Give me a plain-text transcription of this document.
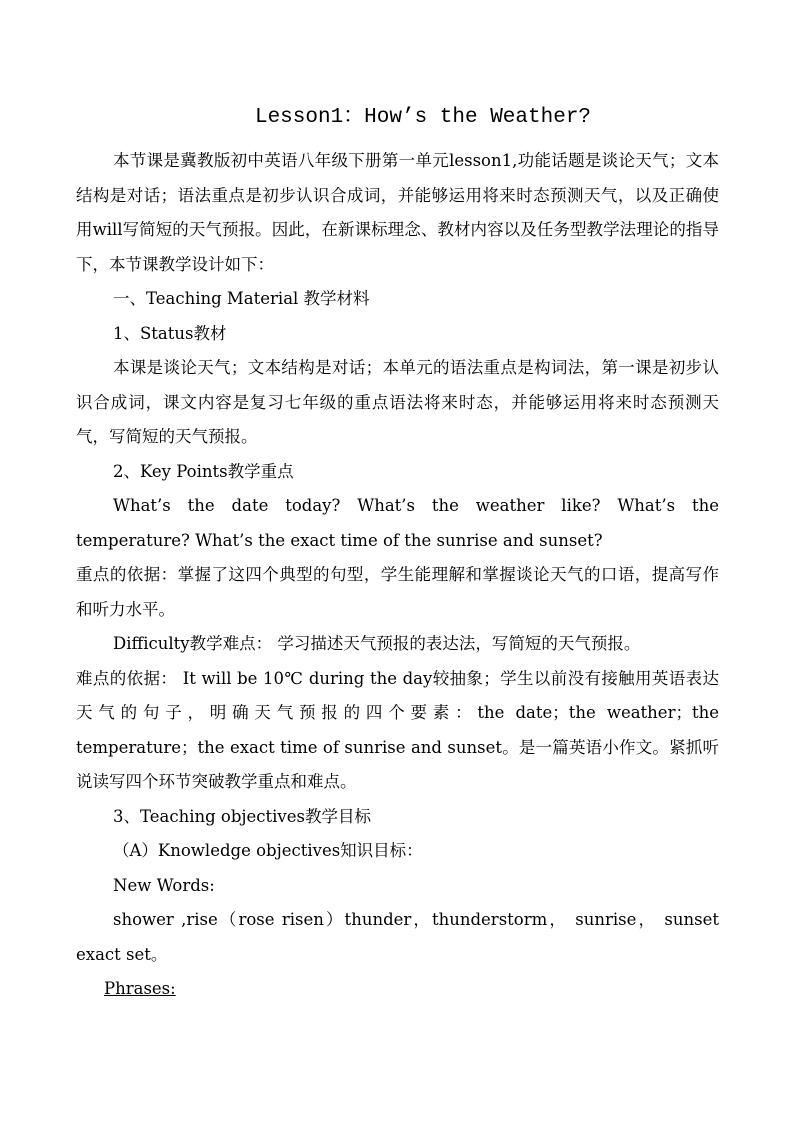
Lesson1：How’s the Weather?

本节课是冀教版初中英语八年级下册第一单元lesson1,功能话题是谈论天气；文本结构是对话；语法重点是初步认识合成词，并能够运用将来时态预测天气，以及正确使用will写简短的天气预报。因此，在新课标理念、教材内容以及任务型教学法理论的指导下，本节课教学设计如下：

一、Teaching Material 教学材料

1、Status教材

本课是谈论天气；文本结构是对话；本单元的语法重点是构词法，第一课是初步认识合成词，课文内容是复习七年级的重点语法将来时态，并能够运用将来时态预测天气，写简短的天气预报。

2、Key Points教学重点

What’s the date today? What’s the weather like? What’s the

temperature? What’s the exact time of the sunrise and sunset?

重点的依据：掌握了这四个典型的句型，学生能理解和掌握谈论天气的口语，提高写作和听力水平。

Difficulty教学难点： 学习描述天气预报的表达法，写简短的天气预报。

难点的依据： It will be 10℃ during the day较抽象；学生以前没有接触用英语表达天气的句子，明确天气预报的四个要素：the date；the weather；the temperature；the exact time of sunrise and sunset。是一篇英语小作文。紧抓听说读写四个环节突破教学重点和难点。

3、Teaching objectives教学目标

（A）Knowledge objectives知识目标：

New Words:

shower ,rise（rose risen）thunder，thunderstorm， sunrise， sunset

exact set。

Phrases:
